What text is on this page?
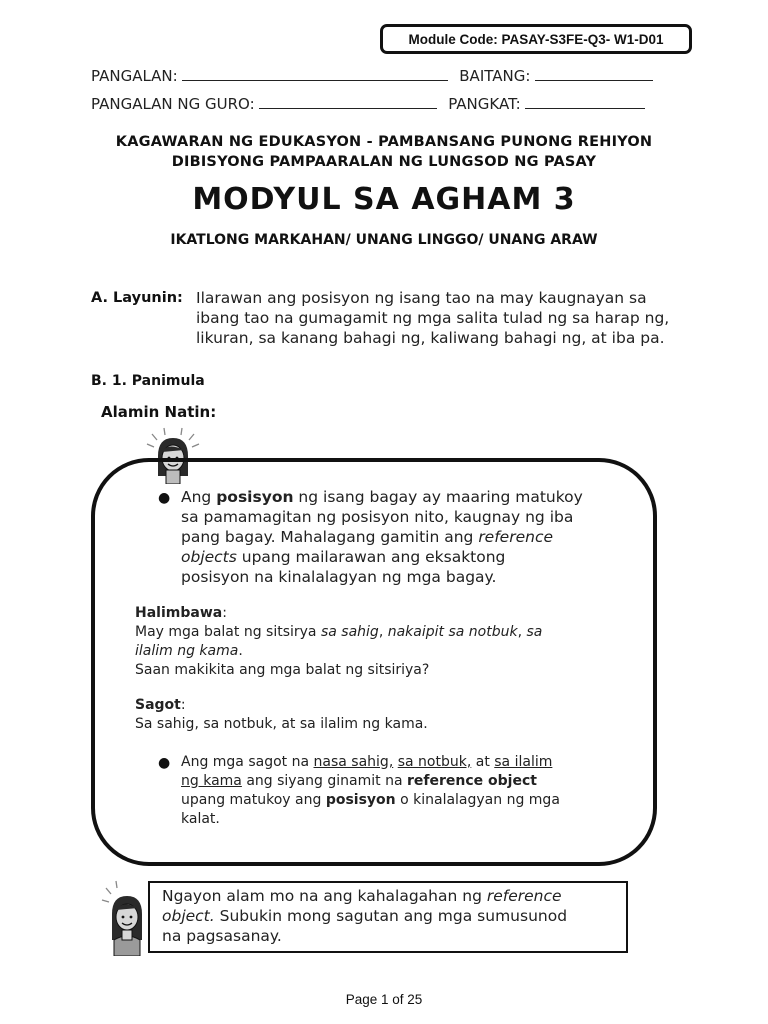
Module Code: PASAY-S3FE-Q3- W1-D01
PANGALAN:	BAITANG:
PANGALAN NG GURO:	PANGKAT:
KAGAWARAN NG EDUKASYON - PAMBANSANG PUNONG REHIYON
DIBISYONG PAMPAARALAN NG LUNGSOD NG PASAY
MODYUL SA AGHAM 3
IKATLONG MARKAHAN/ UNANG LINGGO/ UNANG ARAW
A. Layunin: Ilarawan ang posisyon ng isang tao na may kaugnayan sa
ibang tao na gumagamit ng mga salita tulad ng sa harap ng,
likuran, sa kanang bahagi ng, kaliwang bahagi ng, at iba pa.
B. 1. Panimula
Alamin Natin:
● Ang posisyon ng isang bagay ay maaring matukoy
sa pamamagitan ng posisyon nito, kaugnay ng iba
pang bagay. Mahalagang gamitin ang reference
objects upang mailarawan ang eksaktong
posisyon na kinalalagyan ng mga bagay.
Halimbawa:
May mga balat ng sitsirya sa sahig, nakaipit sa notbuk, sa
ilalim ng kama.
Saan makikita ang mga balat ng sitsiriya?
Sagot:
Sa sahig, sa notbuk, at sa ilalim ng kama.
● Ang mga sagot na nasa sahig, sa notbuk, at sa ilalim
ng kama ang siyang ginamit na reference object
upang matukoy ang posisyon o kinalalagyan ng mga
kalat.
Ngayon alam mo na ang kahalagahan ng reference
object. Subukin mong sagutan ang mga sumusunod
na pagsasanay.
Page 1 of 25
